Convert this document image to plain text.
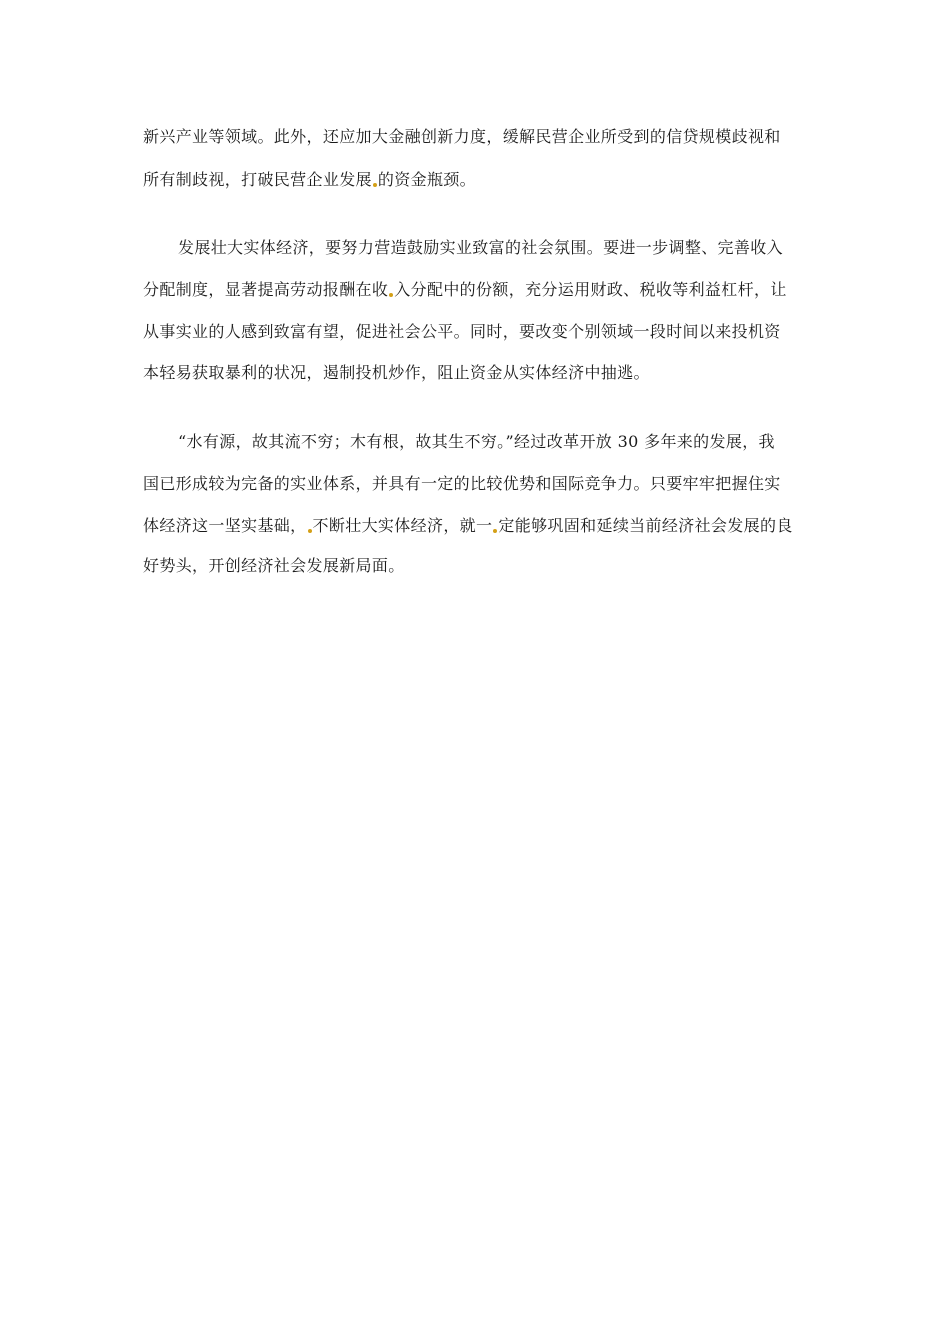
新兴产业等领域。此外，还应加大金融创新力度，缓解民营企业所受到的信贷规模歧视和
所有制歧视，打破民营企业发展 的资金瓶颈。
发展壮大实体经济，要努力营造鼓励实业致富的社会氛围。要进一步调整、完善收入
分配制度，显著提高劳动报酬在收 入分配中的份额，充分运用财政、税收等利益杠杆，让
从事实业的人感到致富有望，促进社会公平。同时，要改变个别领域一段时间以来投机资
本轻易获取暴利的状况，遏制投机炒作，阻止资金从实体经济中抽逃。
“水有源，故其流不穷；木有根，故其生不穷。”经过改革开放 30 多年来的发展，我
国已形成较为完备的实业体系，并具有一定的比较优势和国际竞争力。只要牢牢把握住实
体经济这一坚实基础， 不断壮大实体经济，就一 定能够巩固和延续当前经济社会发展的良
好势头，开创经济社会发展新局面。
